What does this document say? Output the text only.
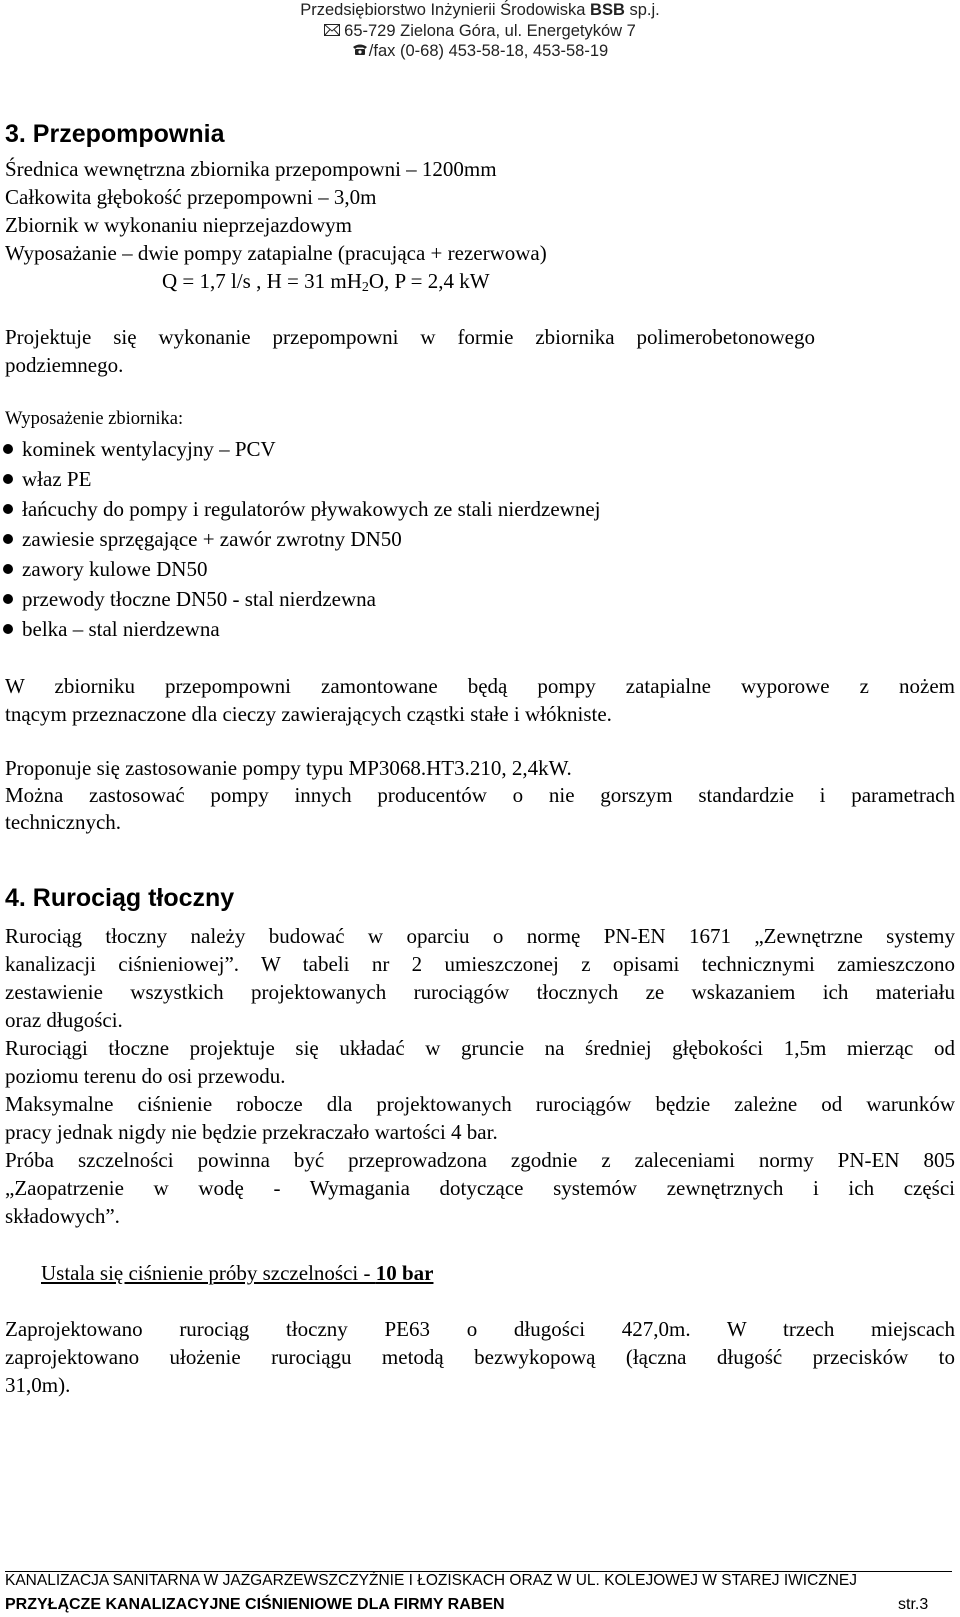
Przedsiębiorstwo Inżynierii Środowiska BSB sp.j.
65-729 Zielona Góra, ul. Energetyków 7
/fax (0-68) 453-58-18, 453-58-19
3. Przepompownia
Średnica wewnętrzna zbiornika przepompowni – 1200mm
Całkowita głębokość przepompowni – 3,0m
Zbiornik w wykonaniu nieprzejazdowym
Wyposażanie – dwie pompy zatapialne (pracująca + rezerwowa)
Q = 1,7 l/s , H = 31 $mH_2O$, P = 2,4 kW
Projektuje się wykonanie przepompowni w formie zbiornika polimerobetonowego
podziemnego.
Wyposażenie zbiornika:
kominek wentylacyjny – PCV
właz PE
łańcuchy do pompy i regulatorów pływakowych ze stali nierdzewnej
zawiesie sprzęgające + zawór zwrotny DN50
zawory kulowe DN50
przewody tłoczne DN50 - stal nierdzewna
belka – stal nierdzewna
W zbiorniku przepompowni zamontowane będą pompy zatapialne wyporowe z nożem
tnącym przeznaczone dla cieczy zawierających cząstki stałe i włókniste.
Proponuje się zastosowanie pompy typu MP3068.HT3.210, 2,4kW.
Można zastosować pompy innych producentów o nie gorszym standardzie i parametrach
technicznych.
4. Rurociąg tłoczny
Rurociąg tłoczny należy budować w oparciu o normę PN-EN 1671 „Zewnętrzne systemy
kanalizacji ciśnieniowej”. W tabeli nr 2 umieszczonej z opisami technicznymi zamieszczono
zestawienie wszystkich projektowanych rurociągów tłocznych ze wskazaniem ich materiału
oraz długości.
Rurociągi tłoczne projektuje się układać w gruncie na średniej głębokości 1,5m mierząc od
poziomu terenu do osi przewodu.
Maksymalne ciśnienie robocze dla projektowanych rurociągów będzie zależne od warunków
pracy jednak nigdy nie będzie przekraczało wartości 4 bar.
Próba szczelności powinna być przeprowadzona zgodnie z zaleceniami normy PN-EN 805
„Zaopatrzenie w wodę - Wymagania dotyczące systemów zewnętrznych i ich części
składowych”.
Ustala się ciśnienie próby szczelności - 10 bar
Zaprojektowano rurociąg tłoczny PE63 o długości 427,0m. W trzech miejscach
zaprojektowano ułożenie rurociągu metodą bezwykopową (łączna długość przecisków to
31,0m).
KANALIZACJA SANITARNA W JAZGARZEWSZCZYŹNIE I ŁOZISKACH ORAZ W UL. KOLEJOWEJ W STAREJ IWICZNEJ
PRZYŁĄCZE KANALIZACYJNE CIŚNIENIOWE DLA FIRMY RABEN	str.3
